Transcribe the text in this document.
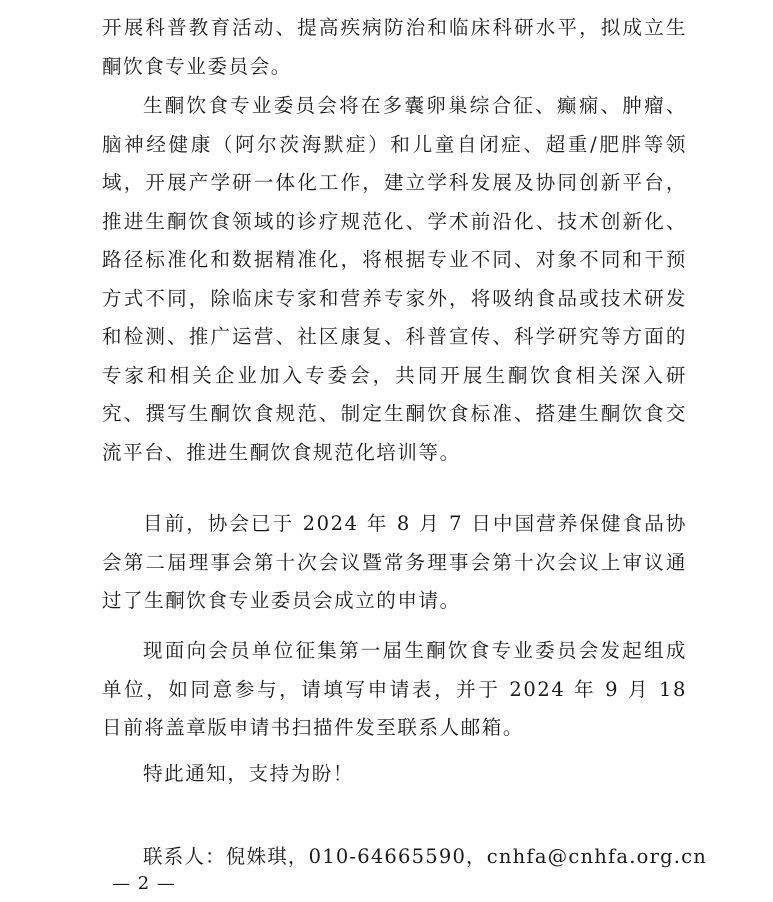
开展科普教育活动、提高疾病防治和临床科研水平，拟成立生酮饮食专业委员会。

生酮饮食专业委员会将在多囊卵巢综合征、癫痫、肿瘤、脑神经健康（阿尔茨海默症）和儿童自闭症、超重/肥胖等领域，开展产学研一体化工作，建立学科发展及协同创新平台，推进生酮饮食领域的诊疗规范化、学术前沿化、技术创新化、路径标准化和数据精准化，将根据专业不同、对象不同和干预方式不同，除临床专家和营养专家外，将吸纳食品或技术研发和检测、推广运营、社区康复、科普宣传、科学研究等方面的专家和相关企业加入专委会，共同开展生酮饮食相关深入研究、撰写生酮饮食规范、制定生酮饮食标准、搭建生酮饮食交流平台、推进生酮饮食规范化培训等。

目前，协会已于 2024 年 8 月 7 日中国营养保健食品协会第二届理事会第十次会议暨常务理事会第十次会议上审议通过了生酮饮食专业委员会成立的申请。

现面向会员单位征集第一届生酮饮食专业委员会发起组成单位，如同意参与，请填写申请表，并于 2024 年 9 月 18 日前将盖章版申请书扫描件发至联系人邮箱。

特此通知，支持为盼！

联系人：倪姝琪，010-64665590，cnhfa@cnhfa.org.cn

— 2 —
